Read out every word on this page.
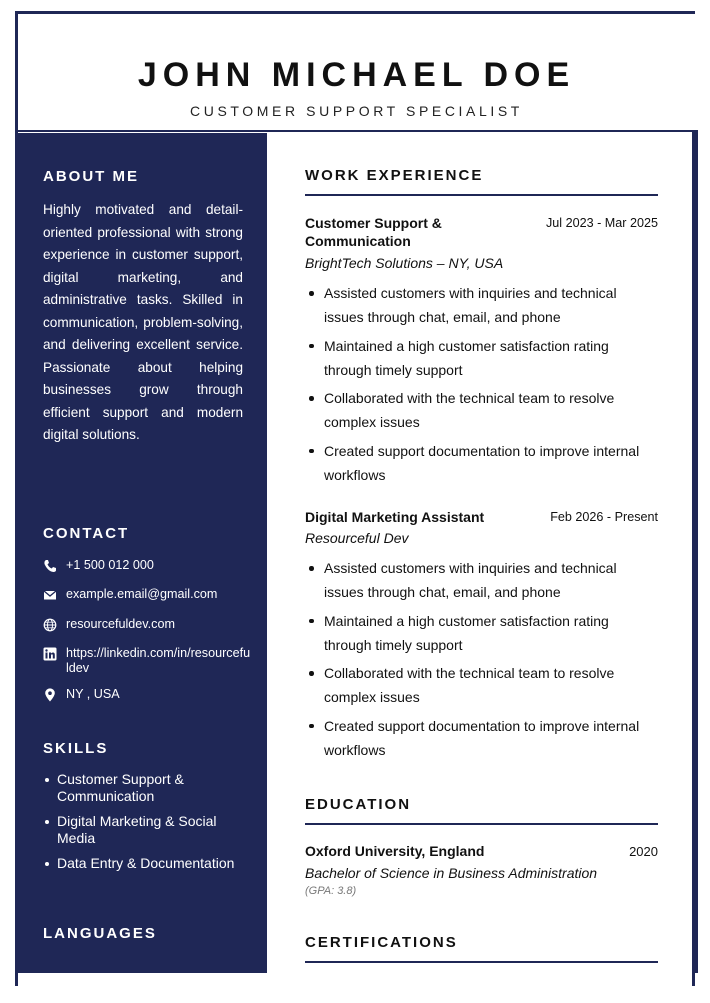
JOHN MICHAEL DOE
CUSTOMER SUPPORT SPECIALIST
ABOUT ME
Highly motivated and detail-oriented professional with strong experience in customer support, digital marketing, and administrative tasks. Skilled in communication, problem-solving, and delivering excellent service. Passionate about helping businesses grow through efficient support and modern digital solutions.
CONTACT
+1 500 012 000
example.email@gmail.com
resourcefuldev.com
https://linkedin.com/in/resourcefuldev
NY , USA
SKILLS
Customer Support & Communication
Digital Marketing & Social Media
Data Entry & Documentation
LANGUAGES
WORK EXPERIENCE
Customer Support & Communication
Jul 2023 - Mar 2025
BrightTech Solutions – NY, USA
Assisted customers with inquiries and technical issues through chat, email, and phone
Maintained a high customer satisfaction rating through timely support
Collaborated with the technical team to resolve complex issues
Created support documentation to improve internal workflows
Digital Marketing Assistant	Feb 2026 - Present
Resourceful Dev
Assisted customers with inquiries and technical issues through chat, email, and phone
Maintained a high customer satisfaction rating through timely support
Collaborated with the technical team to resolve complex issues
Created support documentation to improve internal workflows
EDUCATION
Oxford University, England	2020
Bachelor of Science in Business Administration
(GPA: 3.8)
CERTIFICATIONS
